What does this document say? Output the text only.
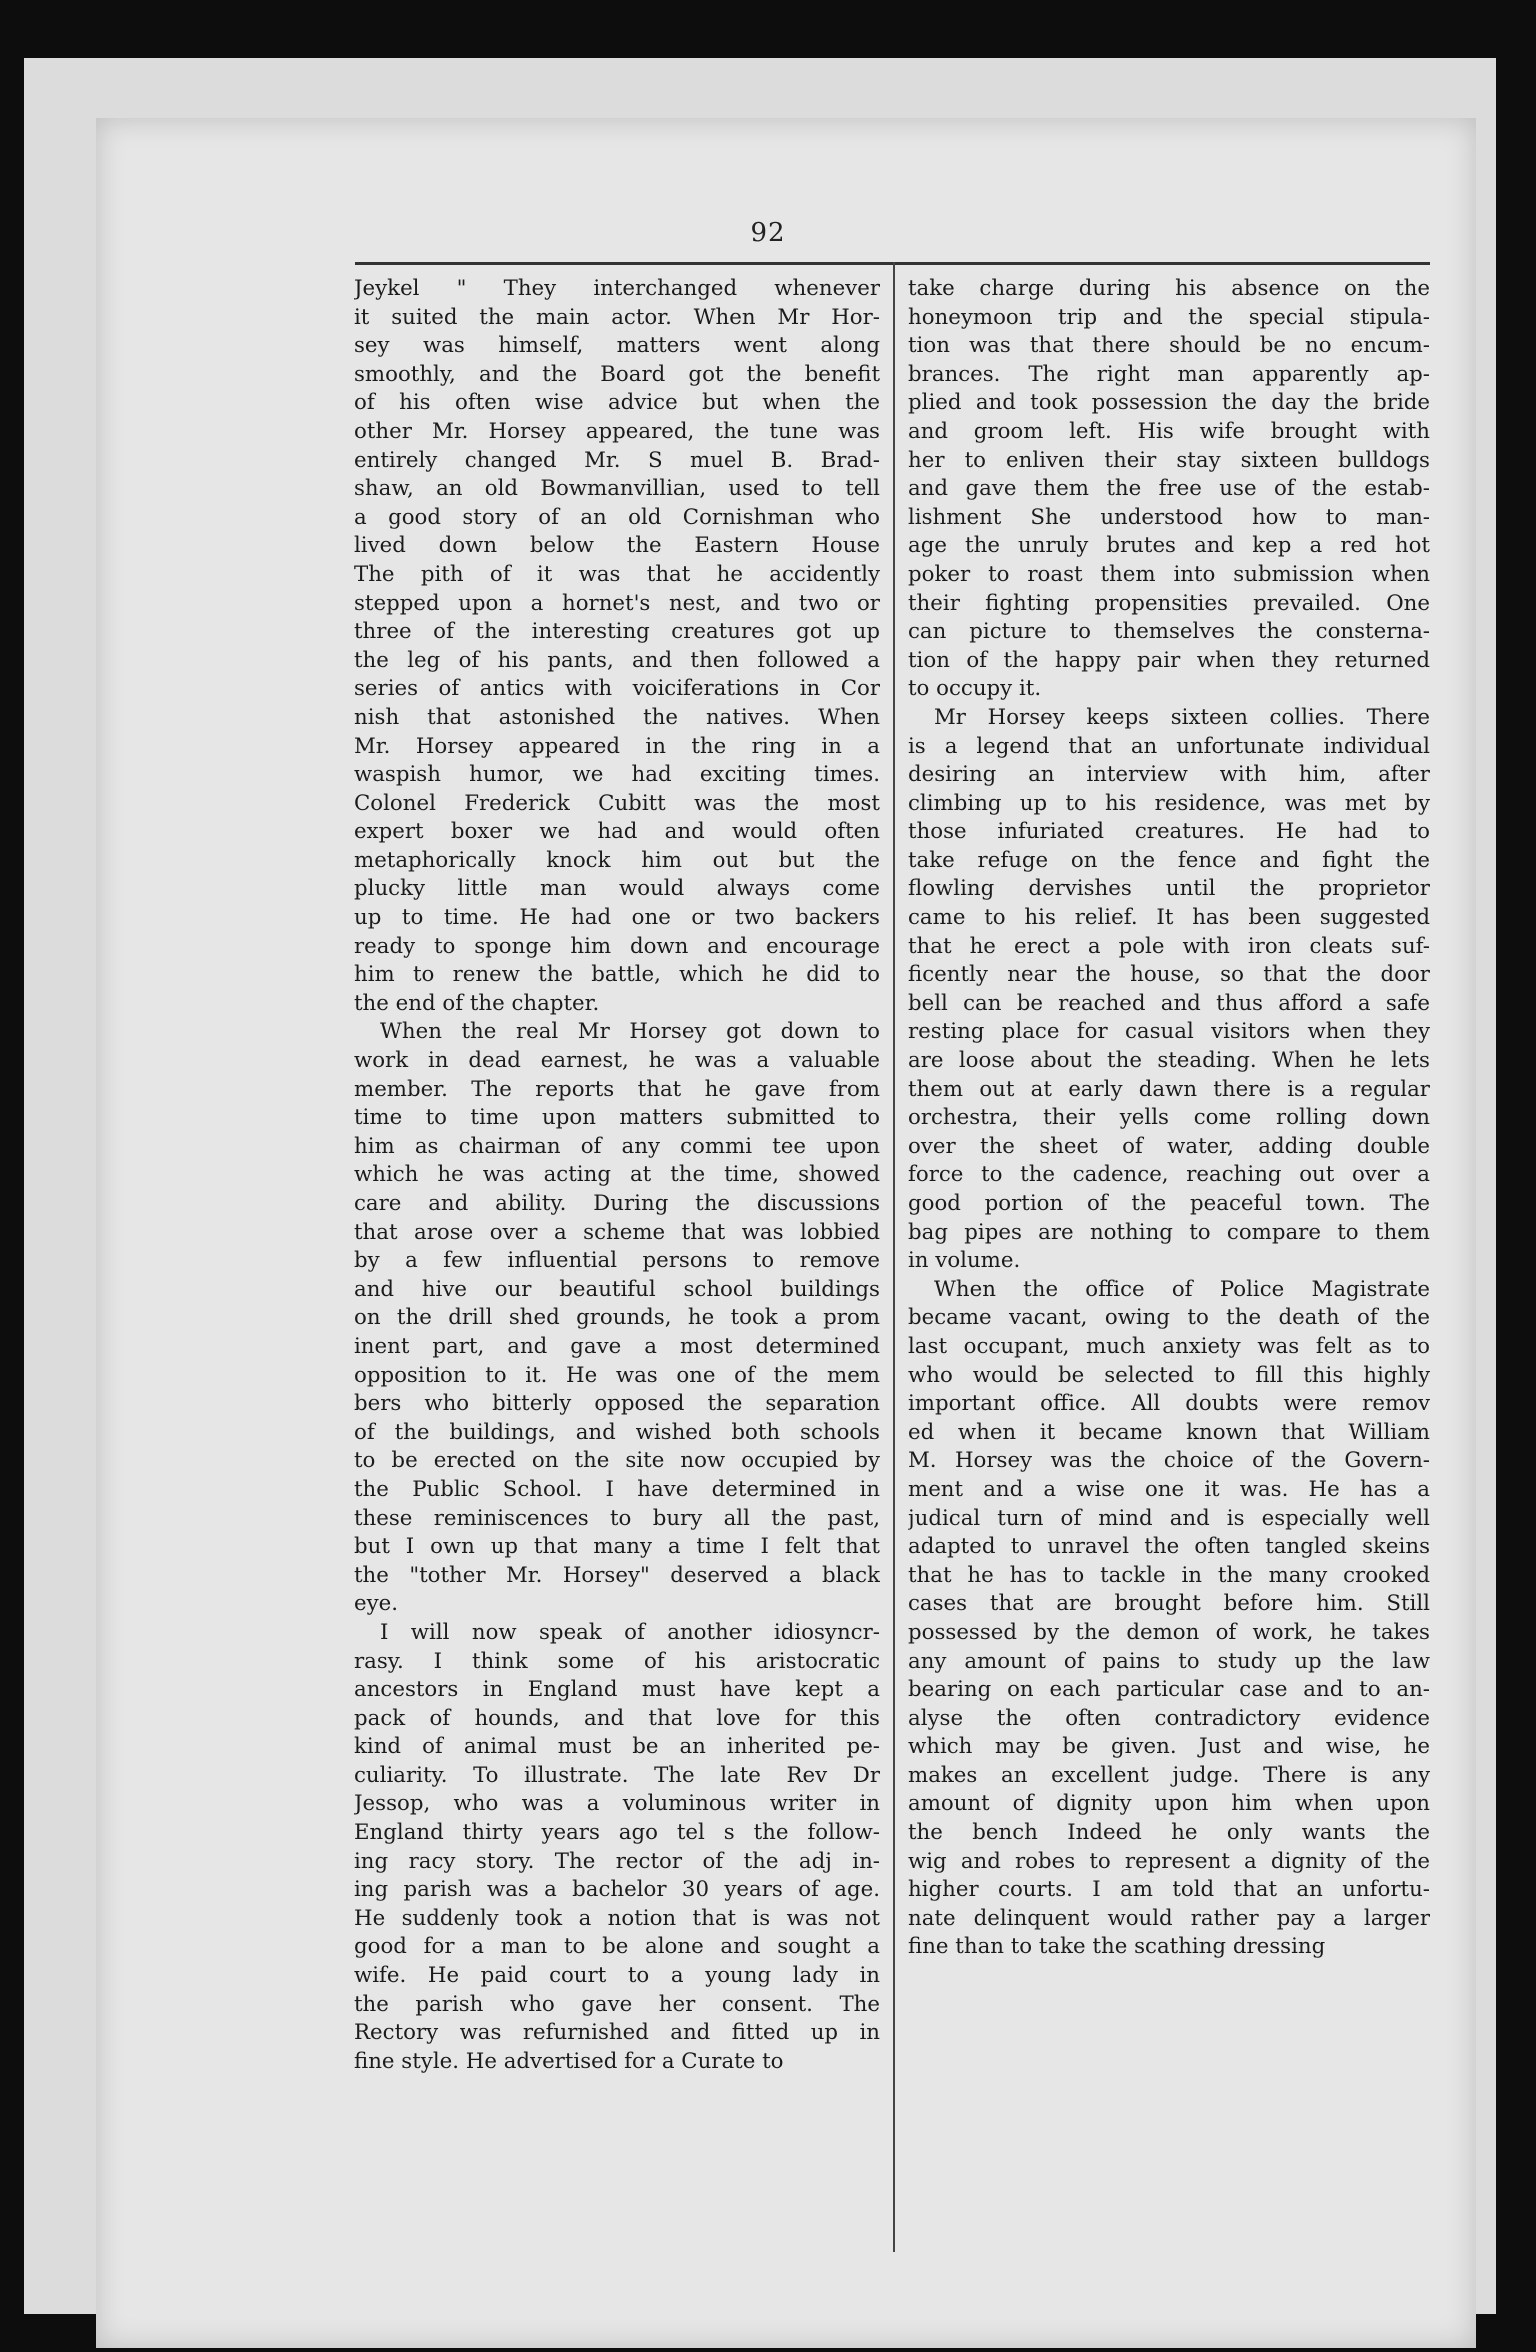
92

Jeykel " They interchanged whenever
it suited the main actor. When Mr Hor-
sey was himself, matters went along
smoothly, and the Board got the benefit
of his often wise advice but when the
other Mr. Horsey appeared, the tune was
entirely changed Mr. S muel B. Brad-
shaw, an old Bowmanvillian, used to tell
a good story of an old Cornishman who
lived down below the Eastern House
The pith of it was that he accidently
stepped upon a hornet's nest, and two or
three of the interesting creatures got up
the leg of his pants, and then followed a
series of antics with voiciferations in Cor
nish that astonished the natives. When
Mr. Horsey appeared in the ring in a
waspish humor, we had exciting times.
Colonel Frederick Cubitt was the most
expert boxer we had and would often
metaphorically knock him out but the
plucky little man would always come
up to time. He had one or two backers
ready to sponge him down and encourage
him to renew the battle, which he did to
the end of the chapter.

When the real Mr Horsey got down to
work in dead earnest, he was a valuable
member. The reports that he gave from
time to time upon matters submitted to
him as chairman of any commi tee upon
which he was acting at the time, showed
care and ability. During the discussions
that arose over a scheme that was lobbied
by a few influential persons to remove
and hive our beautiful school buildings
on the drill shed grounds, he took a prom
inent part, and gave a most determined
opposition to it. He was one of the mem
bers who bitterly opposed the separation
of the buildings, and wished both schools
to be erected on the site now occupied by
the Public School. I have determined in
these reminiscences to bury all the past,
but I own up that many a time I felt that
the "tother Mr. Horsey" deserved a black
eye.

I will now speak of another idiosyncr-
rasy. I think some of his aristocratic
ancestors in England must have kept a
pack of hounds, and that love for this
kind of animal must be an inherited pe-
culiarity. To illustrate. The late Rev Dr
Jessop, who was a voluminous writer in
England thirty years ago tel s the follow-
ing racy story. The rector of the adj in-
ing parish was a bachelor 30 years of age.
He suddenly took a notion that is was not
good for a man to be alone and sought a
wife. He paid court to a young lady in
the parish who gave her consent. The
Rectory was refurnished and fitted up in
fine style. He advertised for a Curate to

take charge during his absence on the
honeymoon trip and the special stipula-
tion was that there should be no encum-
brances. The right man apparently ap-
plied and took possession the day the bride
and groom left. His wife brought with
her to enliven their stay sixteen bulldogs
and gave them the free use of the estab-
lishment She understood how to man-
age the unruly brutes and kep a red hot
poker to roast them into submission when
their fighting propensities prevailed. One
can picture to themselves the consterna-
tion of the happy pair when they returned
to occupy it.

Mr Horsey keeps sixteen collies. There
is a legend that an unfortunate individual
desiring an interview with him, after
climbing up to his residence, was met by
those infuriated creatures. He had to
take refuge on the fence and fight the
flowling dervishes until the proprietor
came to his relief. It has been suggested
that he erect a pole with iron cleats suf-
ficently near the house, so that the door
bell can be reached and thus afford a safe
resting place for casual visitors when they
are loose about the steading. When he lets
them out at early dawn there is a regular
orchestra, their yells come rolling down
over the sheet of water, adding double
force to the cadence, reaching out over a
good portion of the peaceful town. The
bag pipes are nothing to compare to them
in volume.

When the office of Police Magistrate
became vacant, owing to the death of the
last occupant, much anxiety was felt as to
who would be selected to fill this highly
important office. All doubts were remov
ed when it became known that William
M. Horsey was the choice of the Govern-
ment and a wise one it was. He has a
judical turn of mind and is especially well
adapted to unravel the often tangled skeins
that he has to tackle in the many crooked
cases that are brought before him. Still
possessed by the demon of work, he takes
any amount of pains to study up the law
bearing on each particular case and to an-
alyse the often contradictory evidence
which may be given. Just and wise, he
makes an excellent judge. There is any
amount of dignity upon him when upon
the bench Indeed he only wants the
wig and robes to represent a dignity of the
higher courts. I am told that an unfortu-
nate delinquent would rather pay a larger
fine than to take the scathing dressing
